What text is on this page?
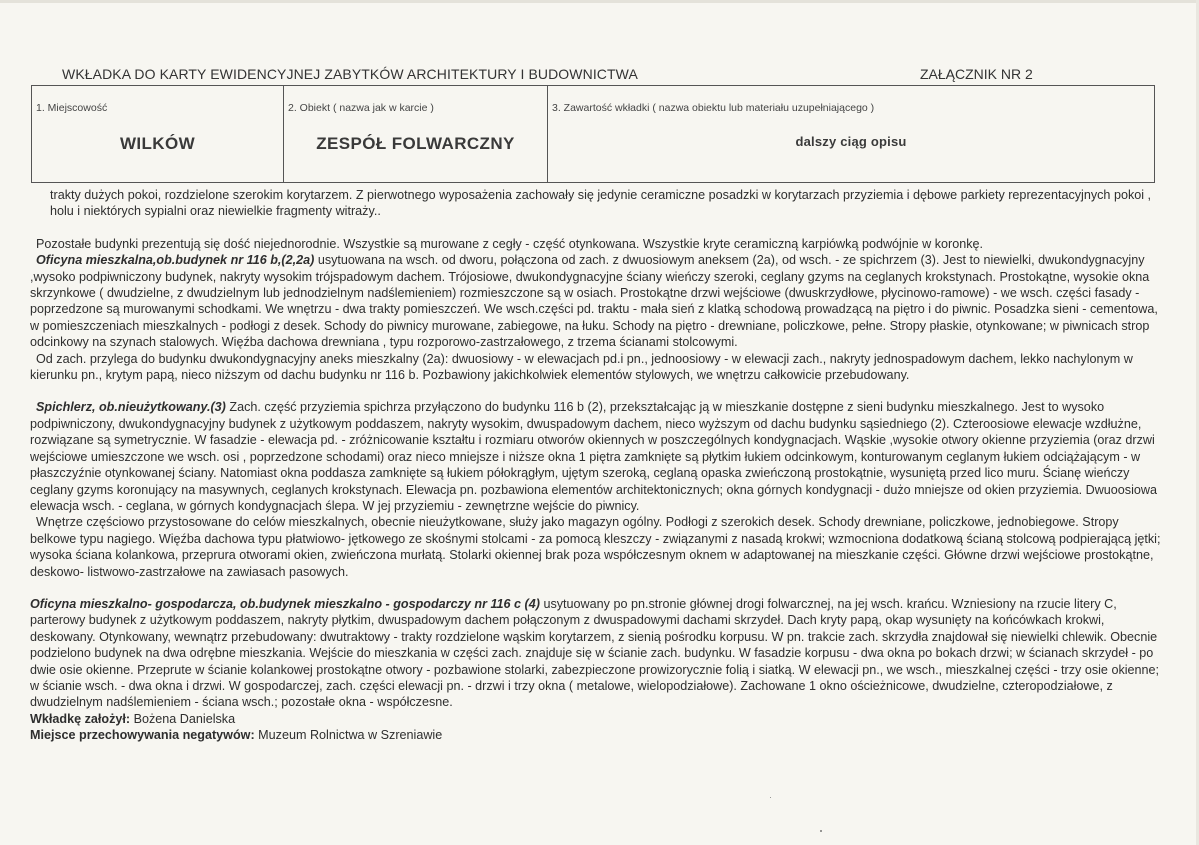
WKŁADKA DO KARTY EWIDENCYJNEJ ZABYTKÓW ARCHITEKTURY I BUDOWNICTWA	ZAŁĄCZNIK NR 2
1. Miejscowość
WILKÓW
2. Obiekt ( nazwa jak w karcie )
ZESPÓŁ FOLWARCZNY
3. Zawartość wkładki ( nazwa obiektu lub materiału uzupełniającego )
dalszy ciąg opisu

trakty dużych pokoi, rozdzielone szerokim korytarzem. Z pierwotnego wyposażenia zachowały się jedynie ceramiczne posadzki w korytarzach przyziemia i dębowe parkiety reprezentacyjnych pokoi , holu i niektórych sypialni oraz niewielkie fragmenty witraży..

Pozostałe budynki prezentują się dość niejednorodnie. Wszystkie są murowane z cegły - część otynkowana. Wszystkie kryte ceramiczną karpiówką podwójnie w koronkę.

Oficyna mieszkalna,ob.budynek nr 116 b,(2,2a) usytuowana na wsch. od dworu, połączona od zach. z dwuosiowym aneksem (2a), od wsch. - ze spichrzem (3). Jest to niewielki, dwukondygnacyjny ,wysoko podpiwniczony budynek, nakryty wysokim trójspadowym dachem. Trójosiowe, dwukondygnacyjne ściany wieńczy szeroki, ceglany gzyms na ceglanych krokstynach. Prostokątne, wysokie okna skrzynkowe ( dwudzielne, z dwudzielnym lub jednodzielnym nadślemieniem) rozmieszczone są w osiach. Prostokątne drzwi wejściowe (dwuskrzydłowe, płycinowo-ramowe) - we wsch. części fasady - poprzedzone są murowanymi schodkami. We wnętrzu - dwa trakty pomieszczeń. We wsch.części pd. traktu - mała sień z klatką schodową prowadzącą na piętro i do piwnic. Posadzka sieni - cementowa, w pomieszczeniach mieszkalnych - podłogi z desek. Schody do piwnicy murowane, zabiegowe, na łuku. Schody na piętro - drewniane, policzkowe, pełne. Stropy płaskie, otynkowane; w piwnicach strop odcinkowy na szynach stalowych. Więźba dachowa drewniana , typu rozporowo-zastrzałowego, z trzema ścianami stolcowymi.

Od zach. przylega do budynku dwukondygnacyjny aneks mieszkalny (2a): dwuosiowy - w elewacjach pd.i pn., jednoosiowy - w elewacji zach., nakryty jednospadowym dachem, lekko nachylonym w kierunku pn., krytym papą, nieco niższym od dachu budynku nr 116 b. Pozbawiony jakichkolwiek elementów stylowych, we wnętrzu całkowicie przebudowany.

Spichlerz, ob.nieużytkowany.(3) Zach. część przyziemia spichrza przyłączono do budynku 116 b (2), przekształcając ją w mieszkanie dostępne z sieni budynku mieszkalnego. Jest to wysoko podpiwniczony, dwukondygnacyjny budynek z użytkowym poddaszem, nakryty wysokim, dwuspadowym dachem, nieco wyższym od dachu budynku sąsiedniego (2). Czteroosiowe elewacje wzdłużne, rozwiązane są symetrycznie. W fasadzie - elewacja pd. - zróżnicowanie kształtu i rozmiaru otworów okiennych w poszczególnych kondygnacjach. Wąskie ,wysokie otwory okienne przyziemia (oraz drzwi wejściowe umieszczone we wsch. osi , poprzedzone schodami) oraz nieco mniejsze i niższe okna 1 piętra zamknięte są płytkim łukiem odcinkowym, konturowanym ceglanym łukiem odciążającym - w płaszczyźnie otynkowanej ściany. Natomiast okna poddasza zamknięte są łukiem półokrągłym, ujętym szeroką, ceglaną opaska zwieńczoną prostokątnie, wysuniętą przed lico muru. Ścianę wieńczy ceglany gzyms koronujący na masywnych, ceglanych krokstynach. Elewacja pn. pozbawiona elementów architektonicznych; okna górnych kondygnacji - dużo mniejsze od okien przyziemia. Dwuoosiowa elewacja wsch. - ceglana, w górnych kondygnacjach ślepa. W jej przyziemiu - zewnętrzne wejście do piwnicy.

Wnętrze częściowo przystosowane do celów mieszkalnych, obecnie nieużytkowane, służy jako magazyn ogólny. Podłogi z szerokich desek. Schody drewniane, policzkowe, jednobiegowe. Stropy belkowe typu nagiego. Więźba dachowa typu płatwiowo- jętkowego ze skośnymi stolcami - za pomocą kleszczy - związanymi z nasadą krokwi; wzmocniona dodatkową ścianą stolcową podpierającą jętki; wysoka ściana kolankowa, przeprura otworami okien, zwieńczona murłatą. Stolarki okiennej brak poza współczesnym oknem w adaptowanej na mieszkanie części. Główne drzwi wejściowe prostokątne, deskowo- listwowo-zastrzałowe na zawiasach pasowych.

Oficyna mieszkalno- gospodarcza, ob.budynek mieszkalno - gospodarczy nr 116 c (4) usytuowany po pn.stronie głównej drogi folwarcznej, na jej wsch. krańcu. Wzniesiony na rzucie litery C, parterowy budynek z użytkowym poddaszem, nakryty płytkim, dwuspadowym dachem połączonym z dwuspadowymi dachami skrzydeł. Dach kryty papą, okap wysunięty na końcówkach krokwi, deskowany. Otynkowany, wewnątrz przebudowany: dwutraktowy - trakty rozdzielone wąskim korytarzem, z sienią pośrodku korpusu. W pn. trakcie zach. skrzydła znajdował się niewielki chlewik. Obecnie podzielono budynek na dwa odrębne mieszkania. Wejście do mieszkania w części zach. znajduje się w ścianie zach. budynku. W fasadzie korpusu - dwa okna po bokach drzwi; w ścianach skrzydeł - po dwie osie okienne. Przeprute w ścianie kolankowej prostokątne otwory - pozbawione stolarki, zabezpieczone prowizorycznie folią i siatką. W elewacji pn., we wsch., mieszkalnej części - trzy osie okienne; w ścianie wsch. - dwa okna i drzwi. W gospodarczej, zach. części elewacji pn. - drzwi i trzy okna ( metalowe, wielopodziałowe). Zachowane 1 okno ościeżnicowe, dwudzielne, czteropodziałowe, z dwudzielnym nadślemieniem - ściana wsch.; pozostałe okna - współczesne.

Wkładkę założył: Bożena Danielska

Miejsce przechowywania negatywów: Muzeum Rolnictwa w Szreniawie
